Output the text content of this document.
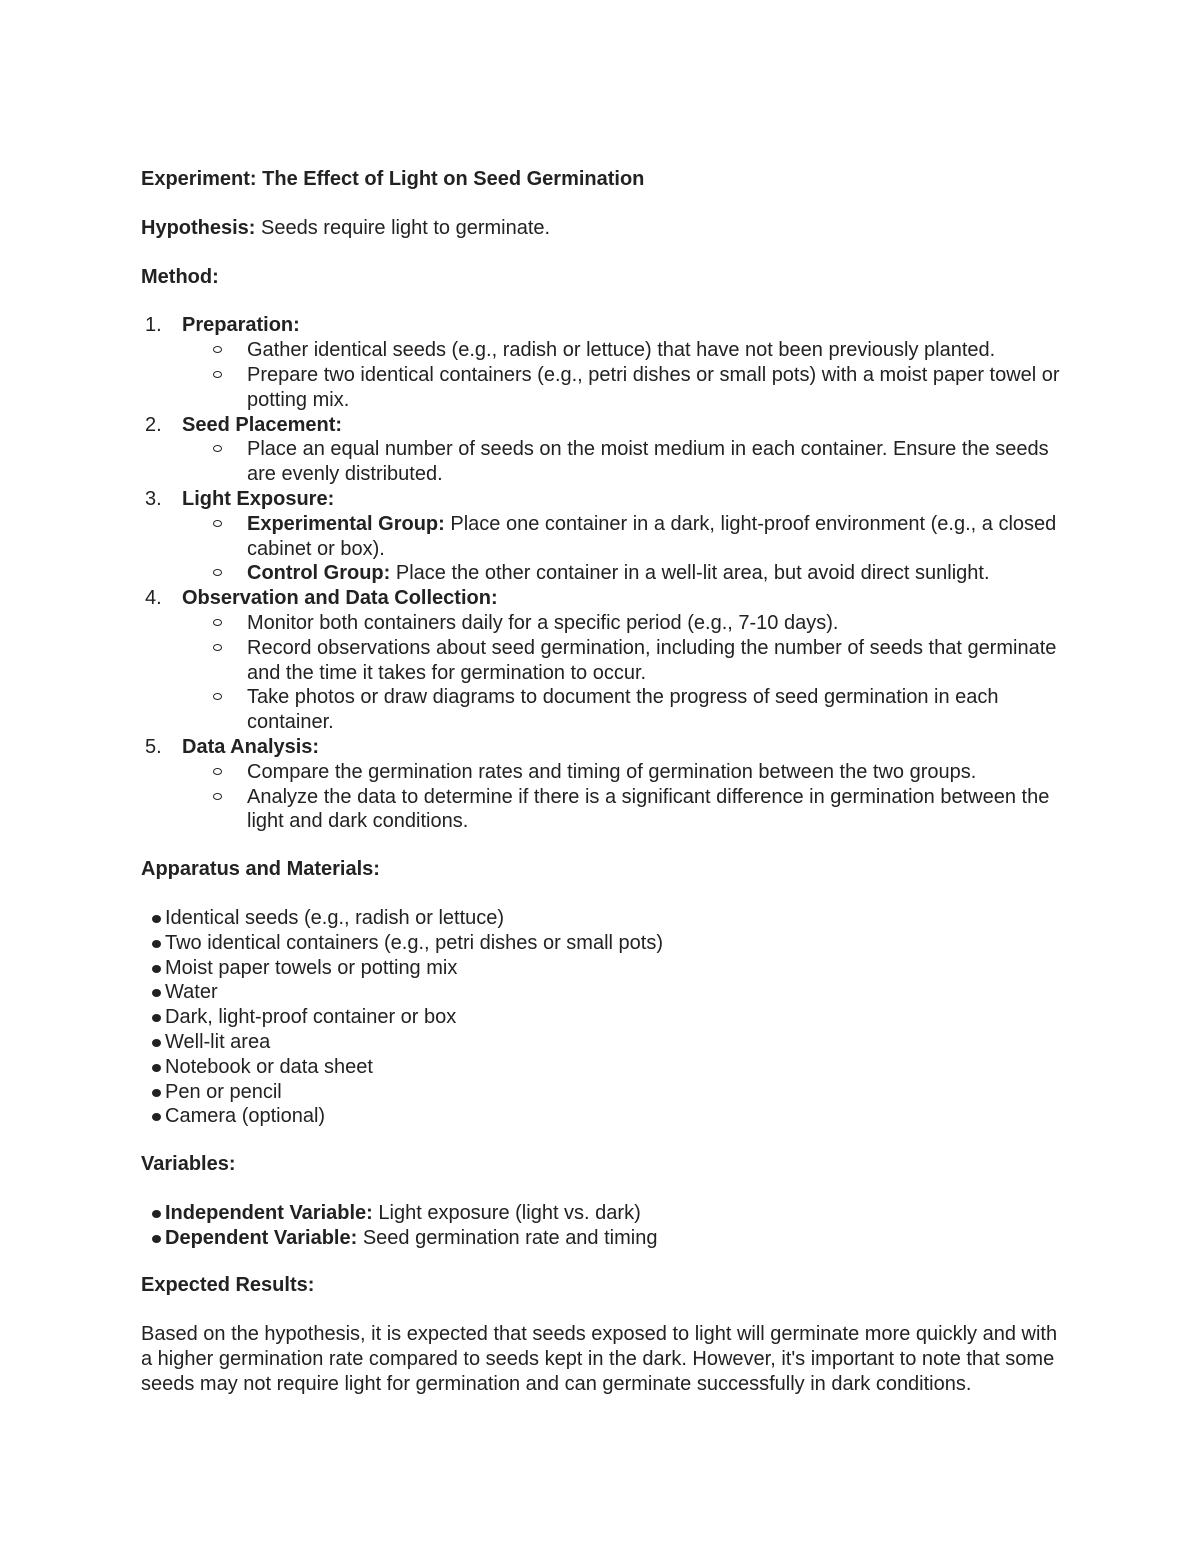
Experiment: The Effect of Light on Seed Germination

Hypothesis: Seeds require light to germinate.

Method:

1. Preparation:
Gather identical seeds (e.g., radish or lettuce) that have not been previously planted.
Prepare two identical containers (e.g., petri dishes or small pots) with a moist paper towel or potting mix.
2. Seed Placement:
Place an equal number of seeds on the moist medium in each container. Ensure the seeds are evenly distributed.
3. Light Exposure:
Experimental Group: Place one container in a dark, light-proof environment (e.g., a closed cabinet or box).
Control Group: Place the other container in a well-lit area, but avoid direct sunlight.
4. Observation and Data Collection:
Monitor both containers daily for a specific period (e.g., 7-10 days).
Record observations about seed germination, including the number of seeds that germinate and the time it takes for germination to occur.
Take photos or draw diagrams to document the progress of seed germination in each container.
5. Data Analysis:
Compare the germination rates and timing of germination between the two groups.
Analyze the data to determine if there is a significant difference in germination between the light and dark conditions.

Apparatus and Materials:

Identical seeds (e.g., radish or lettuce)
Two identical containers (e.g., petri dishes or small pots)
Moist paper towels or potting mix
Water
Dark, light-proof container or box
Well-lit area
Notebook or data sheet
Pen or pencil
Camera (optional)

Variables:

Independent Variable: Light exposure (light vs. dark)
Dependent Variable: Seed germination rate and timing

Expected Results:

Based on the hypothesis, it is expected that seeds exposed to light will germinate more quickly and with a higher germination rate compared to seeds kept in the dark. However, it's important to note that some seeds may not require light for germination and can germinate successfully in dark conditions.
